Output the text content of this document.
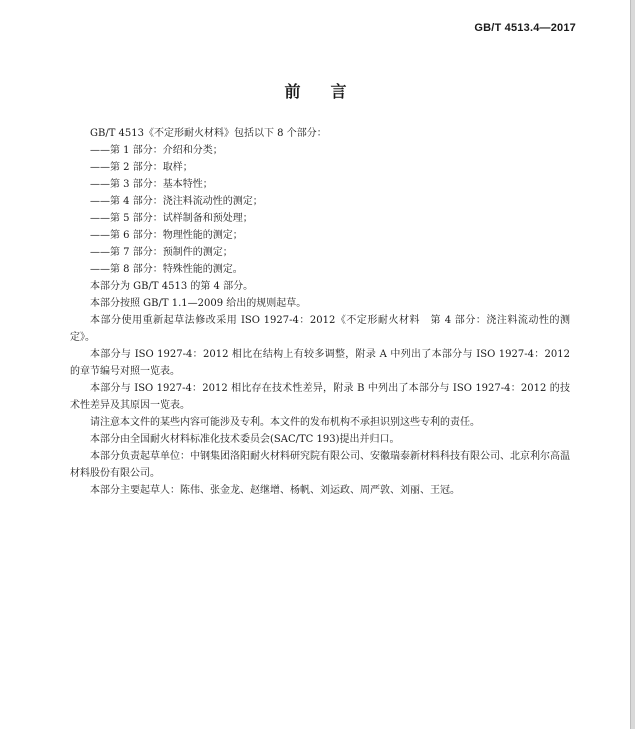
GB/T 4513.4—2017
前 言

GB/T 4513《不定形耐火材料》包括以下 8 个部分：

——第 1 部分：介绍和分类；

——第 2 部分：取样；

——第 3 部分：基本特性；

——第 4 部分：浇注料流动性的测定；

——第 5 部分：试样制备和预处理；

——第 6 部分：物理性能的测定；

——第 7 部分：预制件的测定；

——第 8 部分：特殊性能的测定。

本部分为 GB/T 4513 的第 4 部分。

本部分按照 GB/T 1.1—2009 给出的规则起草。

本部分使用重新起草法修改采用 ISO 1927-4：2012《不定形耐火材料　第 4 部分：浇注料流动性的测定》。

本部分与 ISO 1927-4：2012 相比在结构上有较多调整，附录 A 中列出了本部分与 ISO 1927-4：2012 的章节编号对照一览表。

本部分与 ISO 1927-4：2012 相比存在技术性差异，附录 B 中列出了本部分与 ISO 1927-4：2012 的技术性差异及其原因一览表。

请注意本文件的某些内容可能涉及专利。本文件的发布机构不承担识别这些专利的责任。

本部分由全国耐火材料标准化技术委员会(SAC/TC 193)提出并归口。

本部分负责起草单位：中钢集团洛阳耐火材料研究院有限公司、安徽瑞泰新材料科技有限公司、北京利尔高温材料股份有限公司。

本部分主要起草人：陈伟、张金龙、赵继增、杨帆、刘运政、周严敦、刘丽、王冠。
